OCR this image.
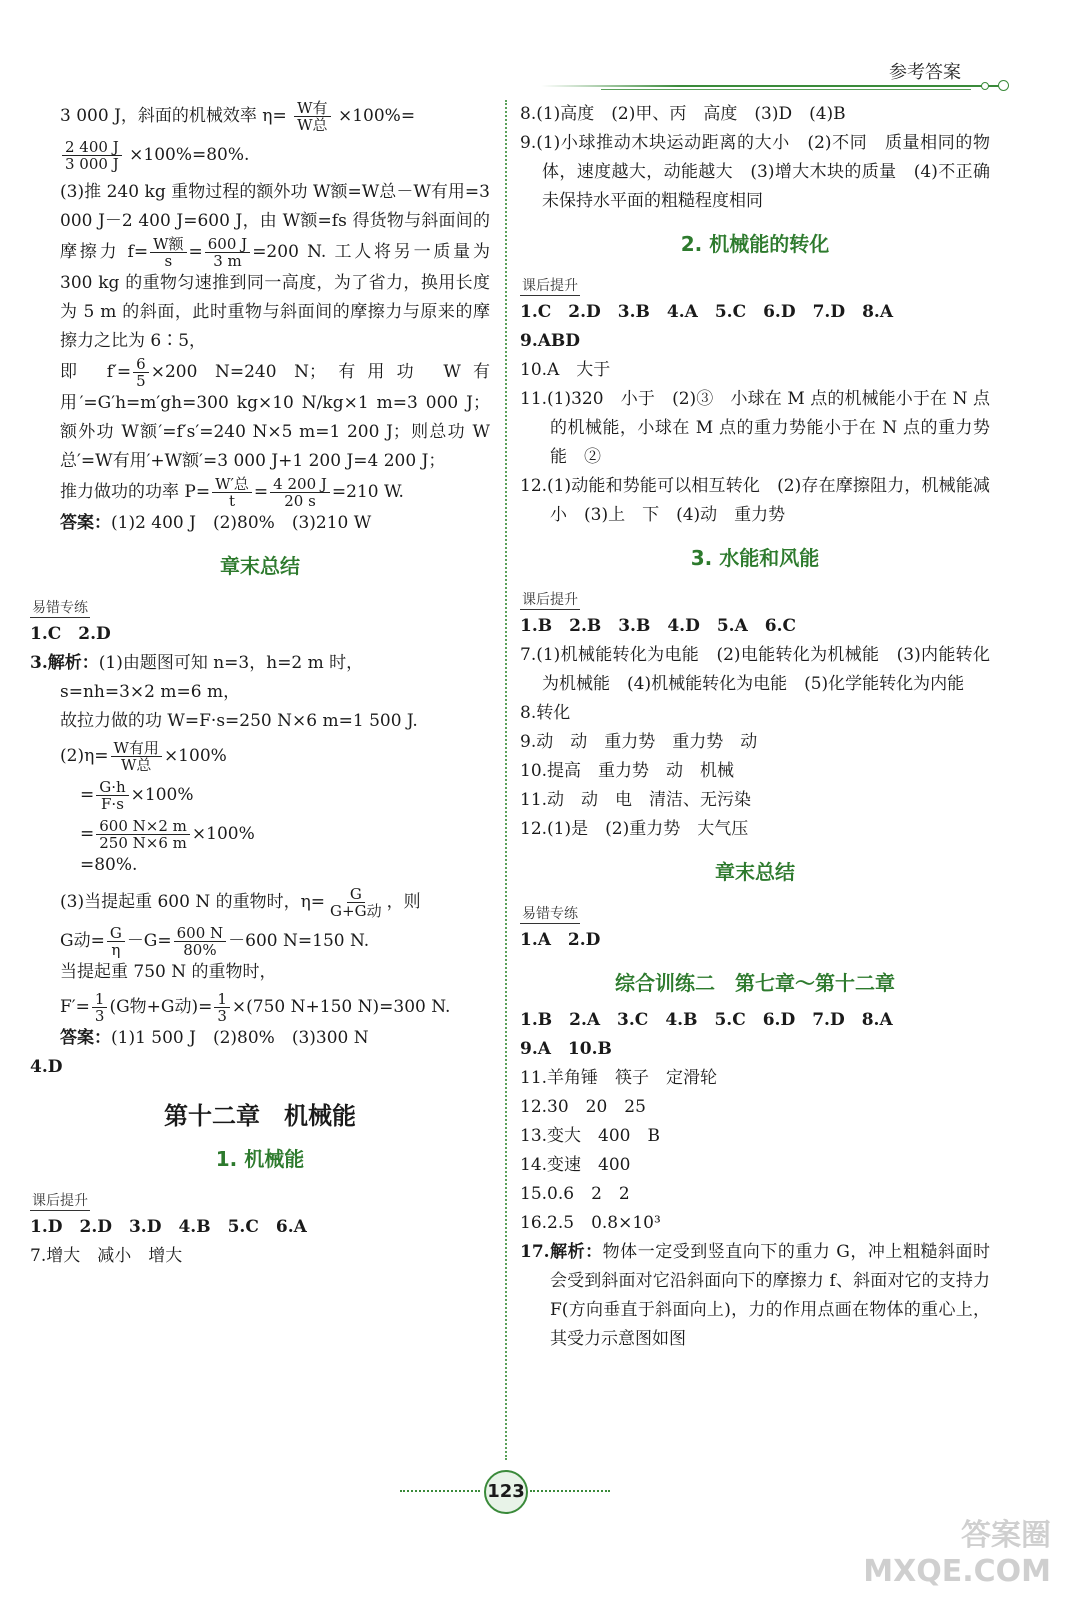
参考答案
3 000 J，斜面的机械效率 $\eta= \frac{\text{W有}}{\text{W总}} \times 100\%=$
$\frac{2 400 J}{3 000 J} \times 100\%=80\%$.
(3)推 240 kg 重物过程的额外功 W额=W总－W有用=3 000 J－2 400 J=600 J，由 W额=fs 得货物与斜面间的摩擦力 $f= \frac{\text{W额}}{s} = \frac{600 J}{3 m} =200$ N. 工人将另一质量为 300 kg 的重物匀速推到同一高度，为了省力，换用长度为 5 m 的斜面，此时重物与斜面间的摩擦力与原来的摩擦力之比为 6∶5，
即 $f'= \frac{6}{5} \times 200$ N=240 N；有用功 W有用′=G′h=m′gh=300 kg×10 N/kg×1 m=3 000 J；额外功 W额′=f′s′=240 N×5 m=1 200 J；则总功 W总′=W有用′+W额′=3 000 J+1 200 J=4 200 J；
推力做功的功率 $P= \frac{\text{W′总}}{t} = \frac{4 200 J}{20 s} =210$ W.
答案：(1)2 400 J　(2)80%　(3)210 W
章末总结
易错专练
1.C　2.D
3.解析：(1)由题图可知 n=3，h=2 m 时，
s=nh=3×2 m=6 m，
故拉力做的功 W=F·s=250 N×6 m=1 500 J.
$(2)\eta= \frac{\text{W有用}}{\text{W总}} \times 100\%$
= $\frac{G\cdot h}{F\cdot s} \times 100\%$
= $\frac{600 N\times 2 m}{250 N\times 6 m} \times 100\%$
=80%.
(3)当提起重 600 N 的重物时，$\eta= \frac{G}{\text{G+G动}}$ ，则
G动= $\frac{G}{\eta} -G= \frac{600 N}{80\%} -600$ N=150 N.
当提起重 750 N 的重物时，
$F'= \frac{1}{3} (G$物+G动)= $\frac{1}{3} \times(750$ N+150 N)=300 N.
答案：(1)1 500 J　(2)80%　(3)300 N
4.D
第十二章　机械能
1. 机械能
课后提升
1.D　2.D　3.D　4.B　5.C　6.A
7.增大　减小　增大
8.(1)高度　(2)甲、丙　高度　(3)D　(4)B
9.(1)小球推动木块运动距离的大小　(2)不同　质量相同的物体，速度越大，动能越大　(3)增大木块的质量　(4)不正确　未保持水平面的粗糙程度相同
2. 机械能的转化
课后提升
1.C　2.D　3.B　4.A　5.C　6.D　7.D　8.A
9.ABD
10.A　大于
11.(1)320　小于　(2)③　小球在 M 点的机械能小于在 N 点的机械能，小球在 M 点的重力势能小于在 N 点的重力势能　②
12.(1)动能和势能可以相互转化　(2)存在摩擦阻力，机械能减小　(3)上　下　(4)动　重力势
3. 水能和风能
课后提升
1.B　2.B　3.B　4.D　5.A　6.C
7.(1)机械能转化为电能　(2)电能转化为机械能　(3)内能转化为机械能　(4)机械能转化为电能　(5)化学能转化为内能
8.转化
9.动　动　重力势　重力势　动
10.提高　重力势　动　机械
11.动　动　电　清洁、无污染
12.(1)是　(2)重力势　大气压
章末总结
易错专练
1.A　2.D
综合训练二　第七章～第十二章
1.B　2.A　3.C　4.B　5.C　6.D　7.D　8.A
9.A　10.B
11.羊角锤　筷子　定滑轮
12.30　20　25
13.变大　400　B
14.变速　400
15.0.6　2　2
16.2.5　0.8×10³
17.解析：物体一定受到竖直向下的重力 G，冲上粗糙斜面时会受到斜面对它沿斜面向下的摩擦力 f、斜面对它的支持力 F(方向垂直于斜面向上)，力的作用点画在物体的重心上，其受力示意图如图
123
答案圈 MXQE.COM
